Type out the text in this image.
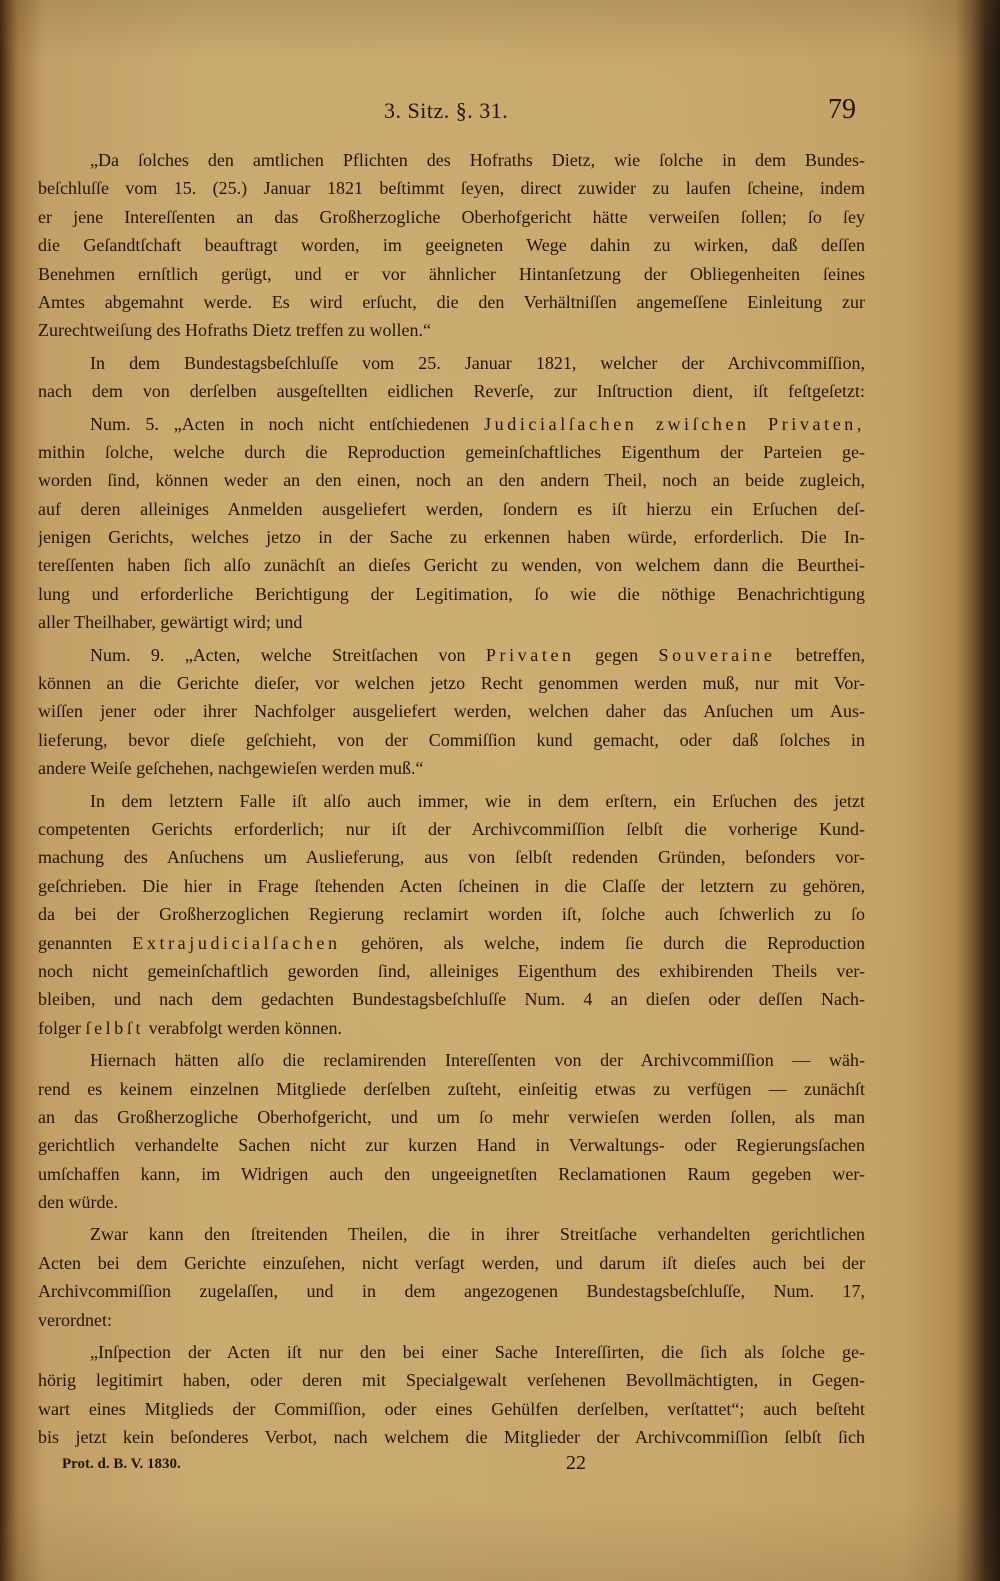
3. Sitz. §. 31.	79
„Da ſolches den amtlichen Pflichten des Hofraths Dietz, wie ſolche in dem Bundes-
beſchluſſe vom 15. (25.) Januar 1821 beſtimmt ſeyen, direct zuwider zu laufen ſcheine, indem
er jene Intereſſenten an das Großherzogliche Oberhofgericht hätte verweiſen ſollen; ſo ſey
die Geſandtſchaft beauftragt worden, im geeigneten Wege dahin zu wirken, daß deſſen
Benehmen ernſtlich gerügt, und er vor ähnlicher Hintanſetzung der Obliegenheiten ſeines
Amtes abgemahnt werde. Es wird erſucht, die den Verhältniſſen angemeſſene Einleitung zur
Zurechtweiſung des Hofraths Dietz treffen zu wollen.“
In dem Bundestagsbeſchluſſe vom 25. Januar 1821, welcher der Archivcommiſſion,
nach dem von derſelben ausgeſtellten eidlichen Reverſe, zur Inſtruction dient, iſt feſtgeſetzt:
Num. 5. „Acten in noch nicht entſchiedenen Judicialſachen zwiſchen Privaten,
mithin ſolche, welche durch die Reproduction gemeinſchaftliches Eigenthum der Parteien ge-
worden ſind, können weder an den einen, noch an den andern Theil, noch an beide zugleich,
auf deren alleiniges Anmelden ausgeliefert werden, ſondern es iſt hierzu ein Erſuchen deſ-
jenigen Gerichts, welches jetzo in der Sache zu erkennen haben würde, erforderlich. Die In-
tereſſenten haben ſich alſo zunächſt an dieſes Gericht zu wenden, von welchem dann die Beurthei-
lung und erforderliche Berichtigung der Legitimation, ſo wie die nöthige Benachrichtigung
aller Theilhaber, gewärtigt wird; und
Num. 9. „Acten, welche Streitſachen von Privaten gegen Souveraine betreffen,
können an die Gerichte dieſer, vor welchen jetzo Recht genommen werden muß, nur mit Vor-
wiſſen jener oder ihrer Nachfolger ausgeliefert werden, welchen daher das Anſuchen um Aus-
lieferung, bevor dieſe geſchieht, von der Commiſſion kund gemacht, oder daß ſolches in
andere Weiſe geſchehen, nachgewieſen werden muß.“
In dem letztern Falle iſt alſo auch immer, wie in dem erſtern, ein Erſuchen des jetzt
competenten Gerichts erforderlich; nur iſt der Archivcommiſſion ſelbſt die vorherige Kund-
machung des Anſuchens um Auslieferung, aus von ſelbſt redenden Gründen, beſonders vor-
geſchrieben. Die hier in Frage ſtehenden Acten ſcheinen in die Claſſe der letztern zu gehören,
da bei der Großherzoglichen Regierung reclamirt worden iſt, ſolche auch ſchwerlich zu ſo
genannten Extrajudicialſachen gehören, als welche, indem ſie durch die Reproduction
noch nicht gemeinſchaftlich geworden ſind, alleiniges Eigenthum des exhibirenden Theils ver-
bleiben, und nach dem gedachten Bundestagsbeſchluſſe Num. 4 an dieſen oder deſſen Nach-
folger ſelbſt verabfolgt werden können.
Hiernach hätten alſo die reclamirenden Intereſſenten von der Archivcommiſſion — wäh-
rend es keinem einzelnen Mitgliede derſelben zuſteht, einſeitig etwas zu verfügen — zunächſt
an das Großherzogliche Oberhofgericht, und um ſo mehr verwieſen werden ſollen, als man
gerichtlich verhandelte Sachen nicht zur kurzen Hand in Verwaltungs- oder Regierungsſachen
umſchaffen kann, im Widrigen auch den ungeeignetſten Reclamationen Raum gegeben wer-
den würde.
Zwar kann den ſtreitenden Theilen, die in ihrer Streitſache verhandelten gerichtlichen
Acten bei dem Gerichte einzuſehen, nicht verſagt werden, und darum iſt dieſes auch bei der
Archivcommiſſion zugelaſſen, und in dem angezogenen Bundestagsbeſchluſſe, Num. 17,
verordnet:
„Inſpection der Acten iſt nur den bei einer Sache Intereſſirten, die ſich als ſolche ge-
hörig legitimirt haben, oder deren mit Specialgewalt verſehenen Bevollmächtigten, in Gegen-
wart eines Mitglieds der Commiſſion, oder eines Gehülfen derſelben, verſtattet“; auch beſteht
bis jetzt kein beſonderes Verbot, nach welchem die Mitglieder der Archivcommiſſion ſelbſt ſich
Prot. d. B. V. 1830.	22
